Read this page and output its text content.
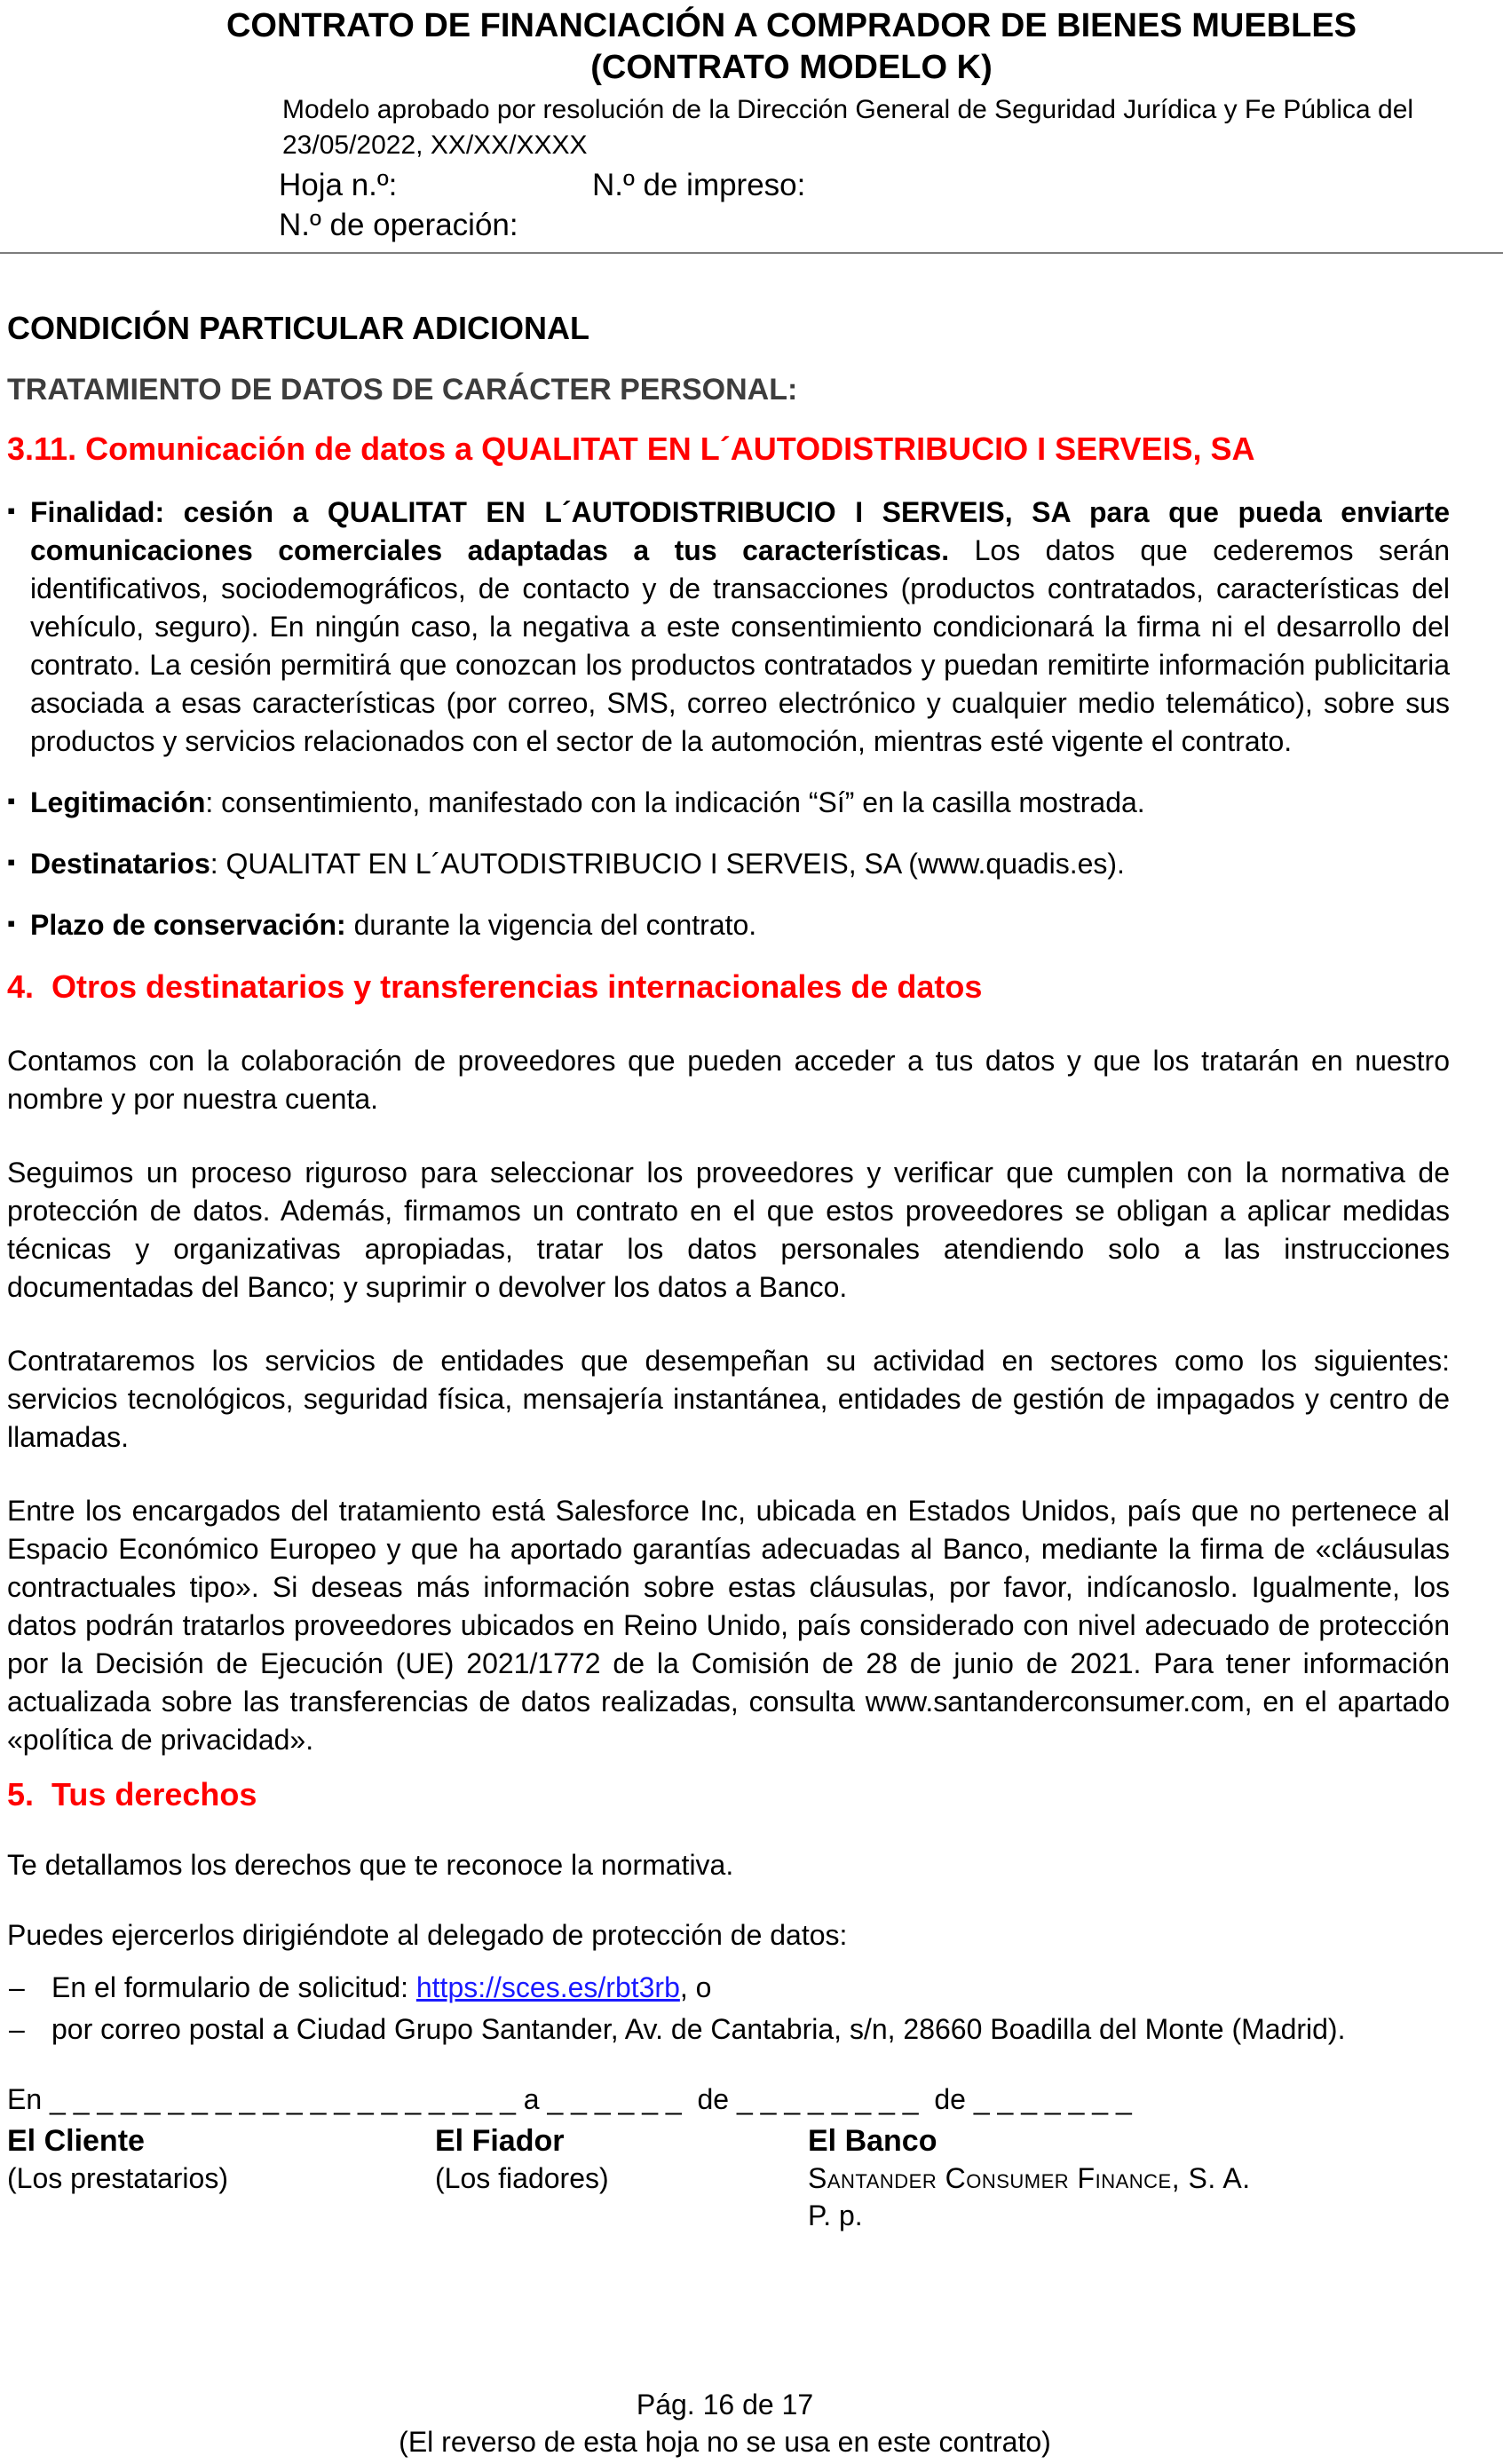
CONTRATO DE FINANCIACIÓN A COMPRADOR DE BIENES MUEBLES
(CONTRATO MODELO K)
Modelo aprobado por resolución de la Dirección General de Seguridad Jurídica y Fe Pública del
23/05/2022, XX/XX/XXXX
Hoja n.º:	N.º de impreso:
N.º de operación:
CONDICIÓN PARTICULAR ADICIONAL
TRATAMIENTO DE DATOS DE CARÁCTER PERSONAL:
3.11. Comunicación de datos a QUALITAT EN L´AUTODISTRIBUCIO I SERVEIS, SA
▪ Finalidad: cesión a QUALITAT EN L´AUTODISTRIBUCIO I SERVEIS, SA para que pueda enviarte comunicaciones comerciales adaptadas a tus características. Los datos que cederemos serán identificativos, sociodemográficos, de contacto y de transacciones (productos contratados, características del vehículo, seguro). En ningún caso, la negativa a este consentimiento condicionará la firma ni el desarrollo del contrato. La cesión permitirá que conozcan los productos contratados y puedan remitirte información publicitaria asociada a esas características (por correo, SMS, correo electrónico y cualquier medio telemático), sobre sus productos y servicios relacionados con el sector de la automoción, mientras esté vigente el contrato.
▪ Legitimación: consentimiento, manifestado con la indicación “Sí” en la casilla mostrada.
▪ Destinatarios: QUALITAT EN L´AUTODISTRIBUCIO I SERVEIS, SA (www.quadis.es).
▪ Plazo de conservación: durante la vigencia del contrato.
4.  Otros destinatarios y transferencias internacionales de datos

Contamos con la colaboración de proveedores que pueden acceder a tus datos y que los tratarán en nuestro nombre y por nuestra cuenta.

Seguimos un proceso riguroso para seleccionar los proveedores y verificar que cumplen con la normativa de protección de datos. Además, firmamos un contrato en el que estos proveedores se obligan a aplicar medidas técnicas y organizativas apropiadas, tratar los datos personales atendiendo solo a las instrucciones documentadas del Banco; y suprimir o devolver los datos a Banco.

Contrataremos los servicios de entidades que desempeñan su actividad en sectores como los siguientes: servicios tecnológicos, seguridad física, mensajería instantánea, entidades de gestión de impagados y centro de llamadas.

Entre los encargados del tratamiento está Salesforce Inc, ubicada en Estados Unidos, país que no pertenece al Espacio Económico Europeo y que ha aportado garantías adecuadas al Banco, mediante la firma de «cláusulas contractuales tipo». Si deseas más información sobre estas cláusulas, por favor, indícanoslo. Igualmente, los datos podrán tratarlos proveedores ubicados en Reino Unido, país considerado con nivel adecuado de protección por la Decisión de Ejecución (UE) 2021/1772 de la Comisión de 28 de junio de 2021. Para tener información actualizada sobre las transferencias de datos realizadas, consulta www.santanderconsumer.com, en el apartado «política de privacidad».

5.  Tus derechos

Te detallamos los derechos que te reconoce la normativa.

Puedes ejercerlos dirigiéndote al delegado de protección de datos:

– En el formulario de solicitud: https://sces.es/rbt3rb, o
– por correo postal a Ciudad Grupo Santander, Av. de Cantabria, s/n, 28660 Boadilla del Monte (Madrid).
En _ _ _ _ _ _ _ _ _ _ _ _ _ _ _ _ _ _ _ _ a _ _ _ _ _ _  de _ _ _ _ _ _ _ _  de _ _ _ _ _ _ _
El Cliente
(Los prestatarios)
El Fiador
(Los fiadores)
El Banco
Santander Consumer Finance, S. A.
P. p.
Pág. 16 de 17
(El reverso de esta hoja no se usa en este contrato)
